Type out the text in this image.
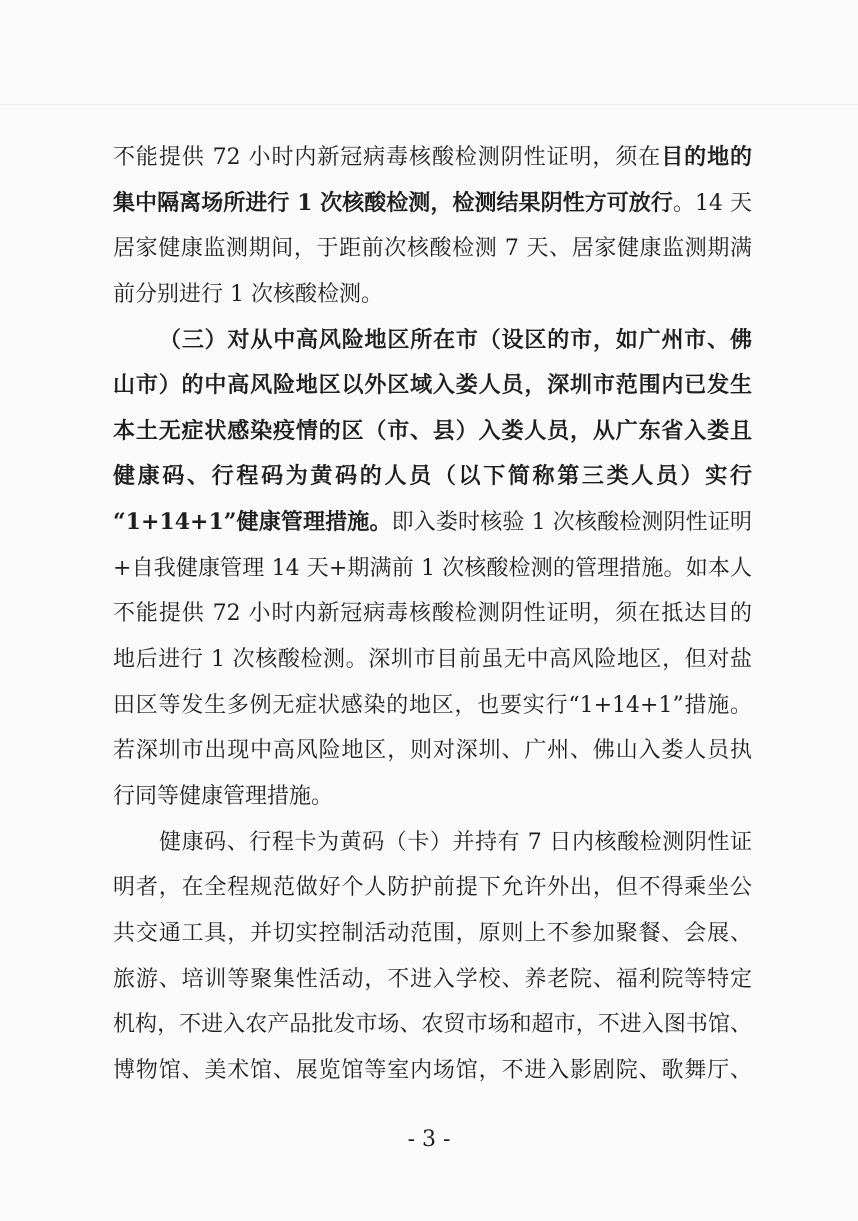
不能提供 72 小时内新冠病毒核酸检测阴性证明，须在目的地的
集中隔离场所进行 1 次核酸检测，检测结果阴性方可放行。14 天
居家健康监测期间，于距前次核酸检测 7 天、居家健康监测期满
前分别进行 1 次核酸检测。
（三）对从中高风险地区所在市（设区的市，如广州市、佛
山市）的中高风险地区以外区域入娄人员，深圳市范围内已发生
本土无症状感染疫情的区（市、县）入娄人员，从广东省入娄且
健康码、行程码为黄码的人员（以下简称第三类人员）实行
“1+14+1”健康管理措施。即入娄时核验 1 次核酸检测阴性证明
+自我健康管理 14 天+期满前 1 次核酸检测的管理措施。如本人
不能提供 72 小时内新冠病毒核酸检测阴性证明，须在抵达目的
地后进行 1 次核酸检测。深圳市目前虽无中高风险地区，但对盐
田区等发生多例无症状感染的地区，也要实行“1+14+1”措施。
若深圳市出现中高风险地区，则对深圳、广州、佛山入娄人员执
行同等健康管理措施。
健康码、行程卡为黄码（卡）并持有 7 日内核酸检测阴性证
明者，在全程规范做好个人防护前提下允许外出，但不得乘坐公
共交通工具，并切实控制活动范围，原则上不参加聚餐、会展、
旅游、培训等聚集性活动，不进入学校、养老院、福利院等特定
机构，不进入农产品批发市场、农贸市场和超市，不进入图书馆、
博物馆、美术馆、展览馆等室内场馆，不进入影剧院、歌舞厅、
- 3 -
